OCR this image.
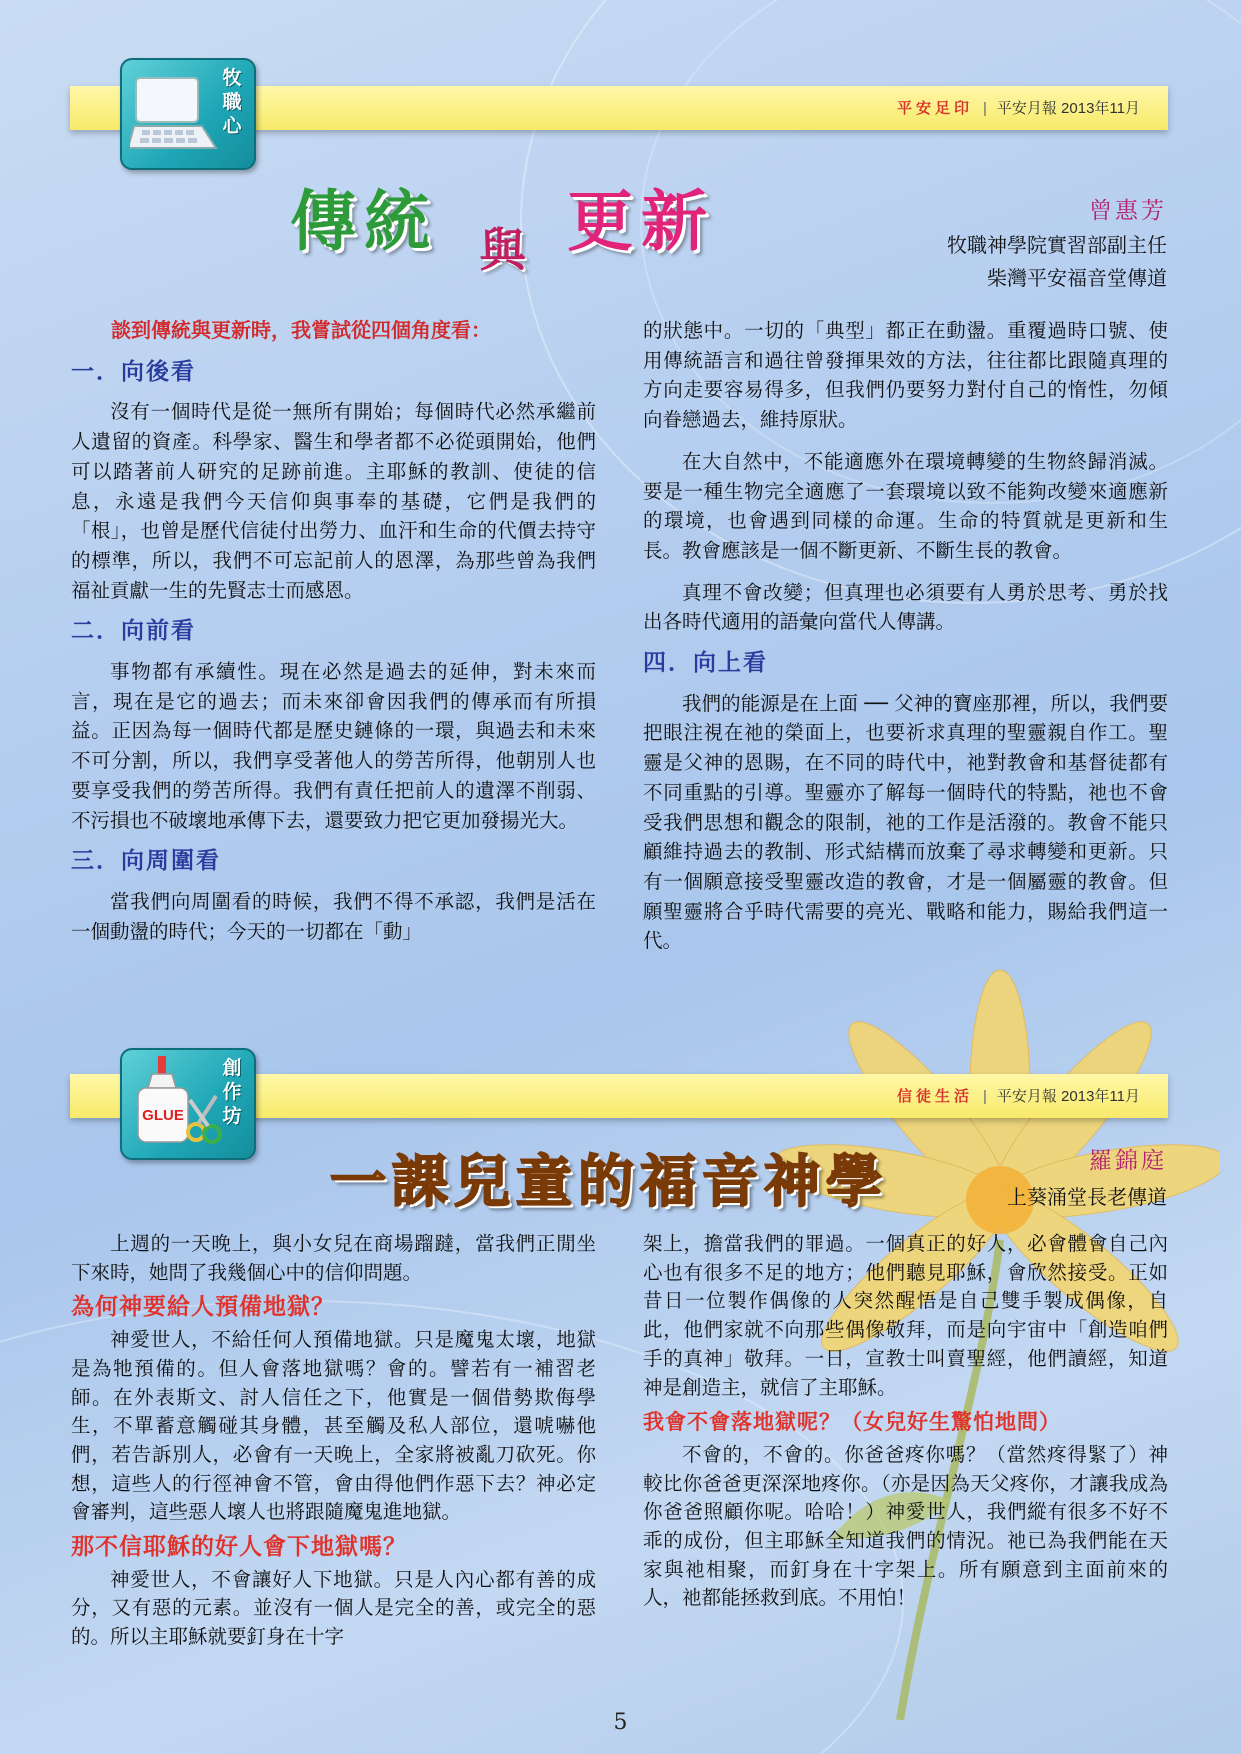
平安足印 | 平安月報 2013年11月
牧
職
心
傳統 與 更新	曾惠芳
牧職神學院實習部副主任
柴灣平安福音堂傳道

談到傳統與更新時，我嘗試從四個角度看：

一．向後看

沒有一個時代是從一無所有開始；每個時代必然承繼前人遺留的資產。科學家、醫生和學者都不必從頭開始，他們可以踏著前人研究的足跡前進。主耶穌的教訓、使徒的信息，永遠是我們今天信仰與事奉的基礎，它們是我們的「根」，也曾是歷代信徒付出勞力、血汗和生命的代價去持守的標準，所以，我們不可忘記前人的恩澤，為那些曾為我們福祉貢獻一生的先賢志士而感恩。

二．向前看

事物都有承續性。現在必然是過去的延伸，對未來而言，現在是它的過去；而未來卻會因我們的傳承而有所損益。正因為每一個時代都是歷史鏈條的一環，與過去和未來不可分割，所以，我們享受著他人的勞苦所得，他朝別人也要享受我們的勞苦所得。我們有責任把前人的遺澤不削弱、不污損也不破壞地承傳下去，還要致力把它更加發揚光大。

三．向周圍看

當我們向周圍看的時候，我們不得不承認，我們是活在一個動盪的時代；今天的一切都在「動」

的狀態中。一切的「典型」都正在動盪。重覆過時口號、使用傳統語言和過往曾發揮果效的方法，往往都比跟隨真理的方向走要容易得多，但我們仍要努力對付自己的惰性，勿傾向眷戀過去，維持原狀。

在大自然中，不能適應外在環境轉變的生物終歸消滅。要是一種生物完全適應了一套環境以致不能夠改變來適應新的環境，也會遇到同樣的命運。生命的特質就是更新和生長。教會應該是一個不斷更新、不斷生長的教會。

真理不會改變；但真理也必須要有人勇於思考、勇於找出各時代適用的語彙向當代人傳講。

四．向上看

我們的能源是在上面 ── 父神的寶座那裡，所以，我們要把眼注視在祂的榮面上，也要祈求真理的聖靈親自作工。聖靈是父神的恩賜，在不同的時代中，祂對教會和基督徒都有不同重點的引導。聖靈亦了解每一個時代的特點，祂也不會受我們思想和觀念的限制，祂的工作是活潑的。教會不能只顧維持過去的教制、形式結構而放棄了尋求轉變和更新。只有一個願意接受聖靈改造的教會，才是一個屬靈的教會。但願聖靈將合乎時代需要的亮光、戰略和能力，賜給我們這一代。

信徒生活 | 平安月報 2013年11月
GLUE
創
作
坊
一課兒童的福音神學	羅錦庭
上葵涌堂長老傳道

上週的一天晚上，與小女兒在商場蹓躂，當我們正閒坐下來時，她問了我幾個心中的信仰問題。

為何神要給人預備地獄？

神愛世人，不給任何人預備地獄。只是魔鬼太壞，地獄是為牠預備的。但人會落地獄嗎？會的。譬若有一補習老師。在外表斯文、討人信任之下，他實是一個借勢欺侮學生，不單蓄意觸碰其身體，甚至觸及私人部位，還唬嚇他們，若告訴別人，必會有一天晚上，全家將被亂刀砍死。你想，這些人的行徑神會不管，會由得他們作惡下去？神必定會審判，這些惡人壞人也將跟隨魔鬼進地獄。

那不信耶穌的好人會下地獄嗎？

神愛世人，不會讓好人下地獄。只是人內心都有善的成分，又有惡的元素。並沒有一個人是完全的善，或完全的惡的。所以主耶穌就要釘身在十字

架上，擔當我們的罪過。一個真正的好人，必會體會自己內心也有很多不足的地方；他們聽見耶穌，會欣然接受。正如昔日一位製作偶像的人突然醒悟是自己雙手製成偶像，自此，他們家就不向那些偶像敬拜，而是向宇宙中「創造咱們手的真神」敬拜。一日，宣教士叫賣聖經，他們讀經，知道神是創造主，就信了主耶穌。

我會不會落地獄呢？（女兒好生驚怕地問）

不會的，不會的。你爸爸疼你嗎？（當然疼得緊了）神較比你爸爸更深深地疼你。（亦是因為天父疼你，才讓我成為你爸爸照顧你呢。哈哈！）神愛世人，我們縱有很多不好不乖的成份，但主耶穌全知道我們的情況。祂已為我們能在天家與祂相聚，而釘身在十字架上。所有願意到主面前來的人，祂都能拯救到底。不用怕！

5
